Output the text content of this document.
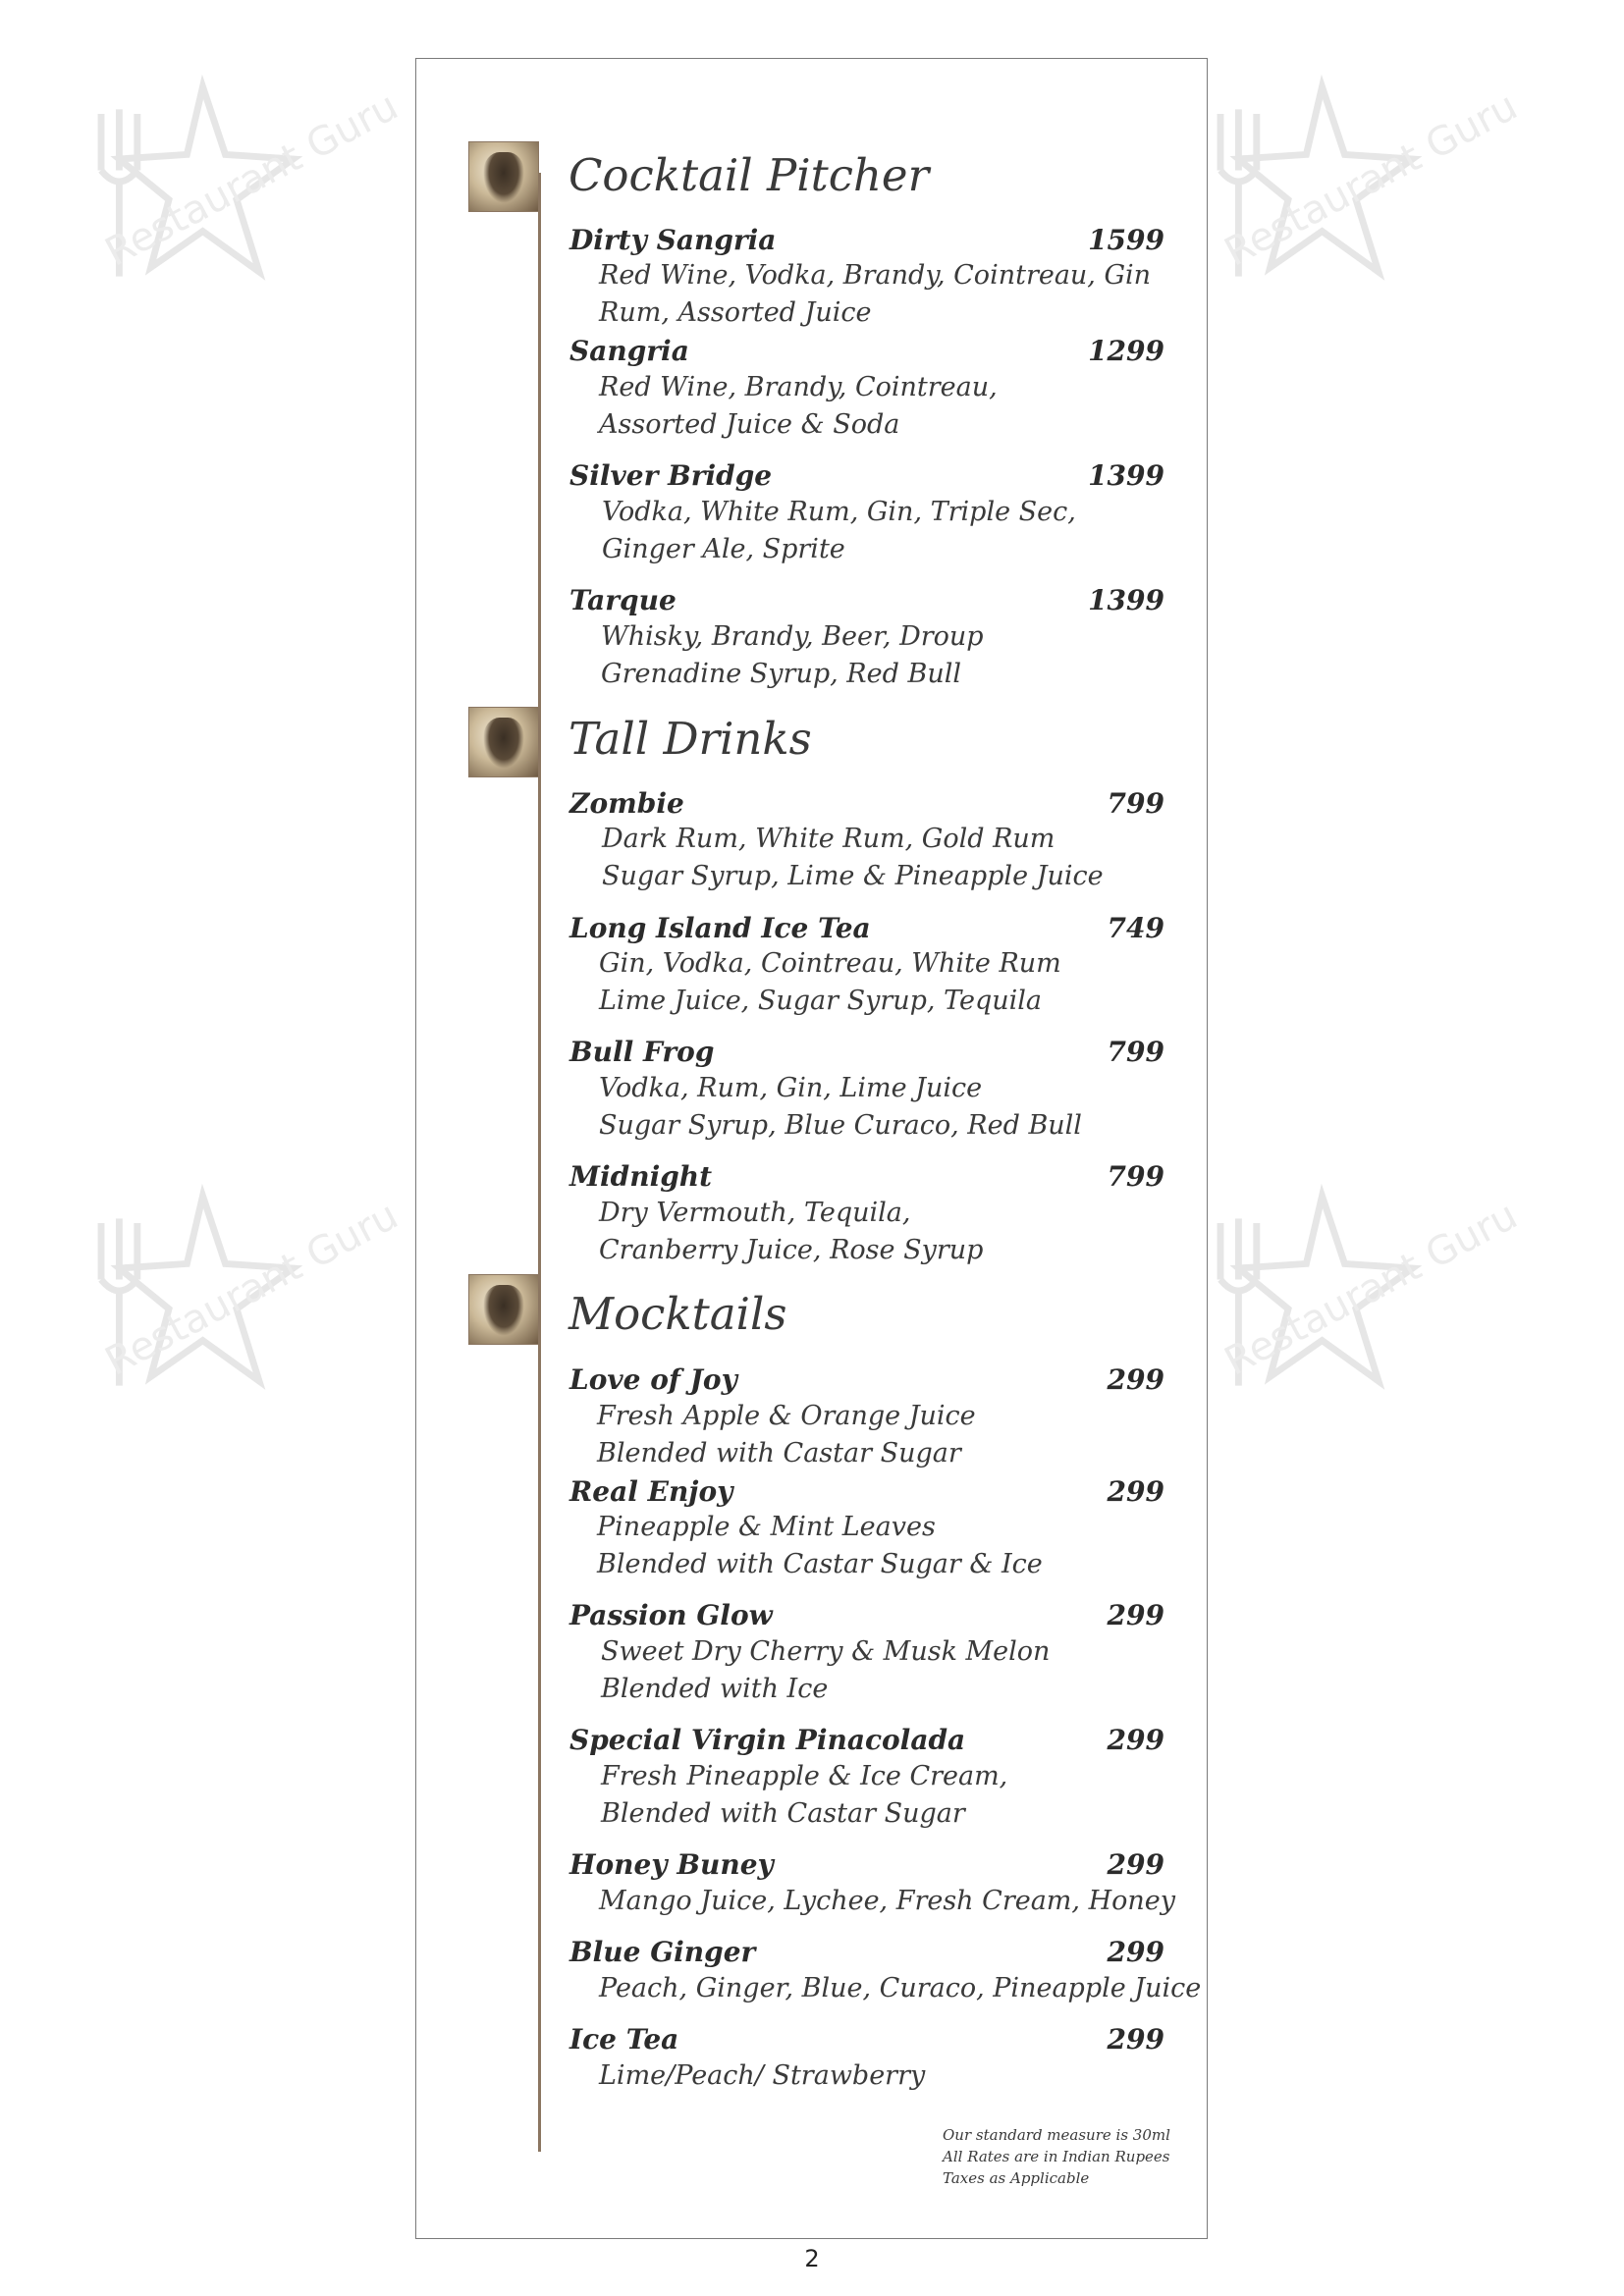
Restaurant Guru	Restaurant Guru
Restaurant Guru	Restaurant Guru
Cocktail Pitcher
Dirty Sangria	1599
Red Wine, Vodka, Brandy, Cointreau, Gin
Rum, Assorted Juice
Sangria	1299
Red Wine, Brandy, Cointreau,
Assorted Juice & Soda
Silver Bridge	1399
Vodka, White Rum, Gin, Triple Sec,
Ginger Ale, Sprite
Tarque	1399
Whisky, Brandy, Beer, Droup
Grenadine Syrup, Red Bull
Tall Drinks
Zombie	799
Dark Rum, White Rum, Gold Rum
Sugar Syrup, Lime & Pineapple Juice
Long Island Ice Tea	749
Gin, Vodka, Cointreau, White Rum
Lime Juice, Sugar Syrup, Tequila
Bull Frog	799
Vodka, Rum, Gin, Lime Juice
Sugar Syrup, Blue Curaco, Red Bull
Midnight	799
Dry Vermouth, Tequila,
Cranberry Juice, Rose Syrup
Mocktails
Love of Joy	299
Fresh Apple & Orange Juice
Blended with Castar Sugar
Real Enjoy	299
Pineapple & Mint Leaves
Blended with Castar Sugar & Ice
Passion Glow	299
Sweet Dry Cherry & Musk Melon
Blended with Ice
Special Virgin Pinacolada	299
Fresh Pineapple & Ice Cream,
Blended with Castar Sugar
Honey Buney	299
Mango Juice, Lychee, Fresh Cream, Honey
Blue Ginger	299
Peach, Ginger, Blue, Curaco, Pineapple Juice
Ice Tea	299
Lime/Peach/ Strawberry
Our standard measure is 30ml
All Rates are in Indian Rupees
Taxes as Applicable
2
